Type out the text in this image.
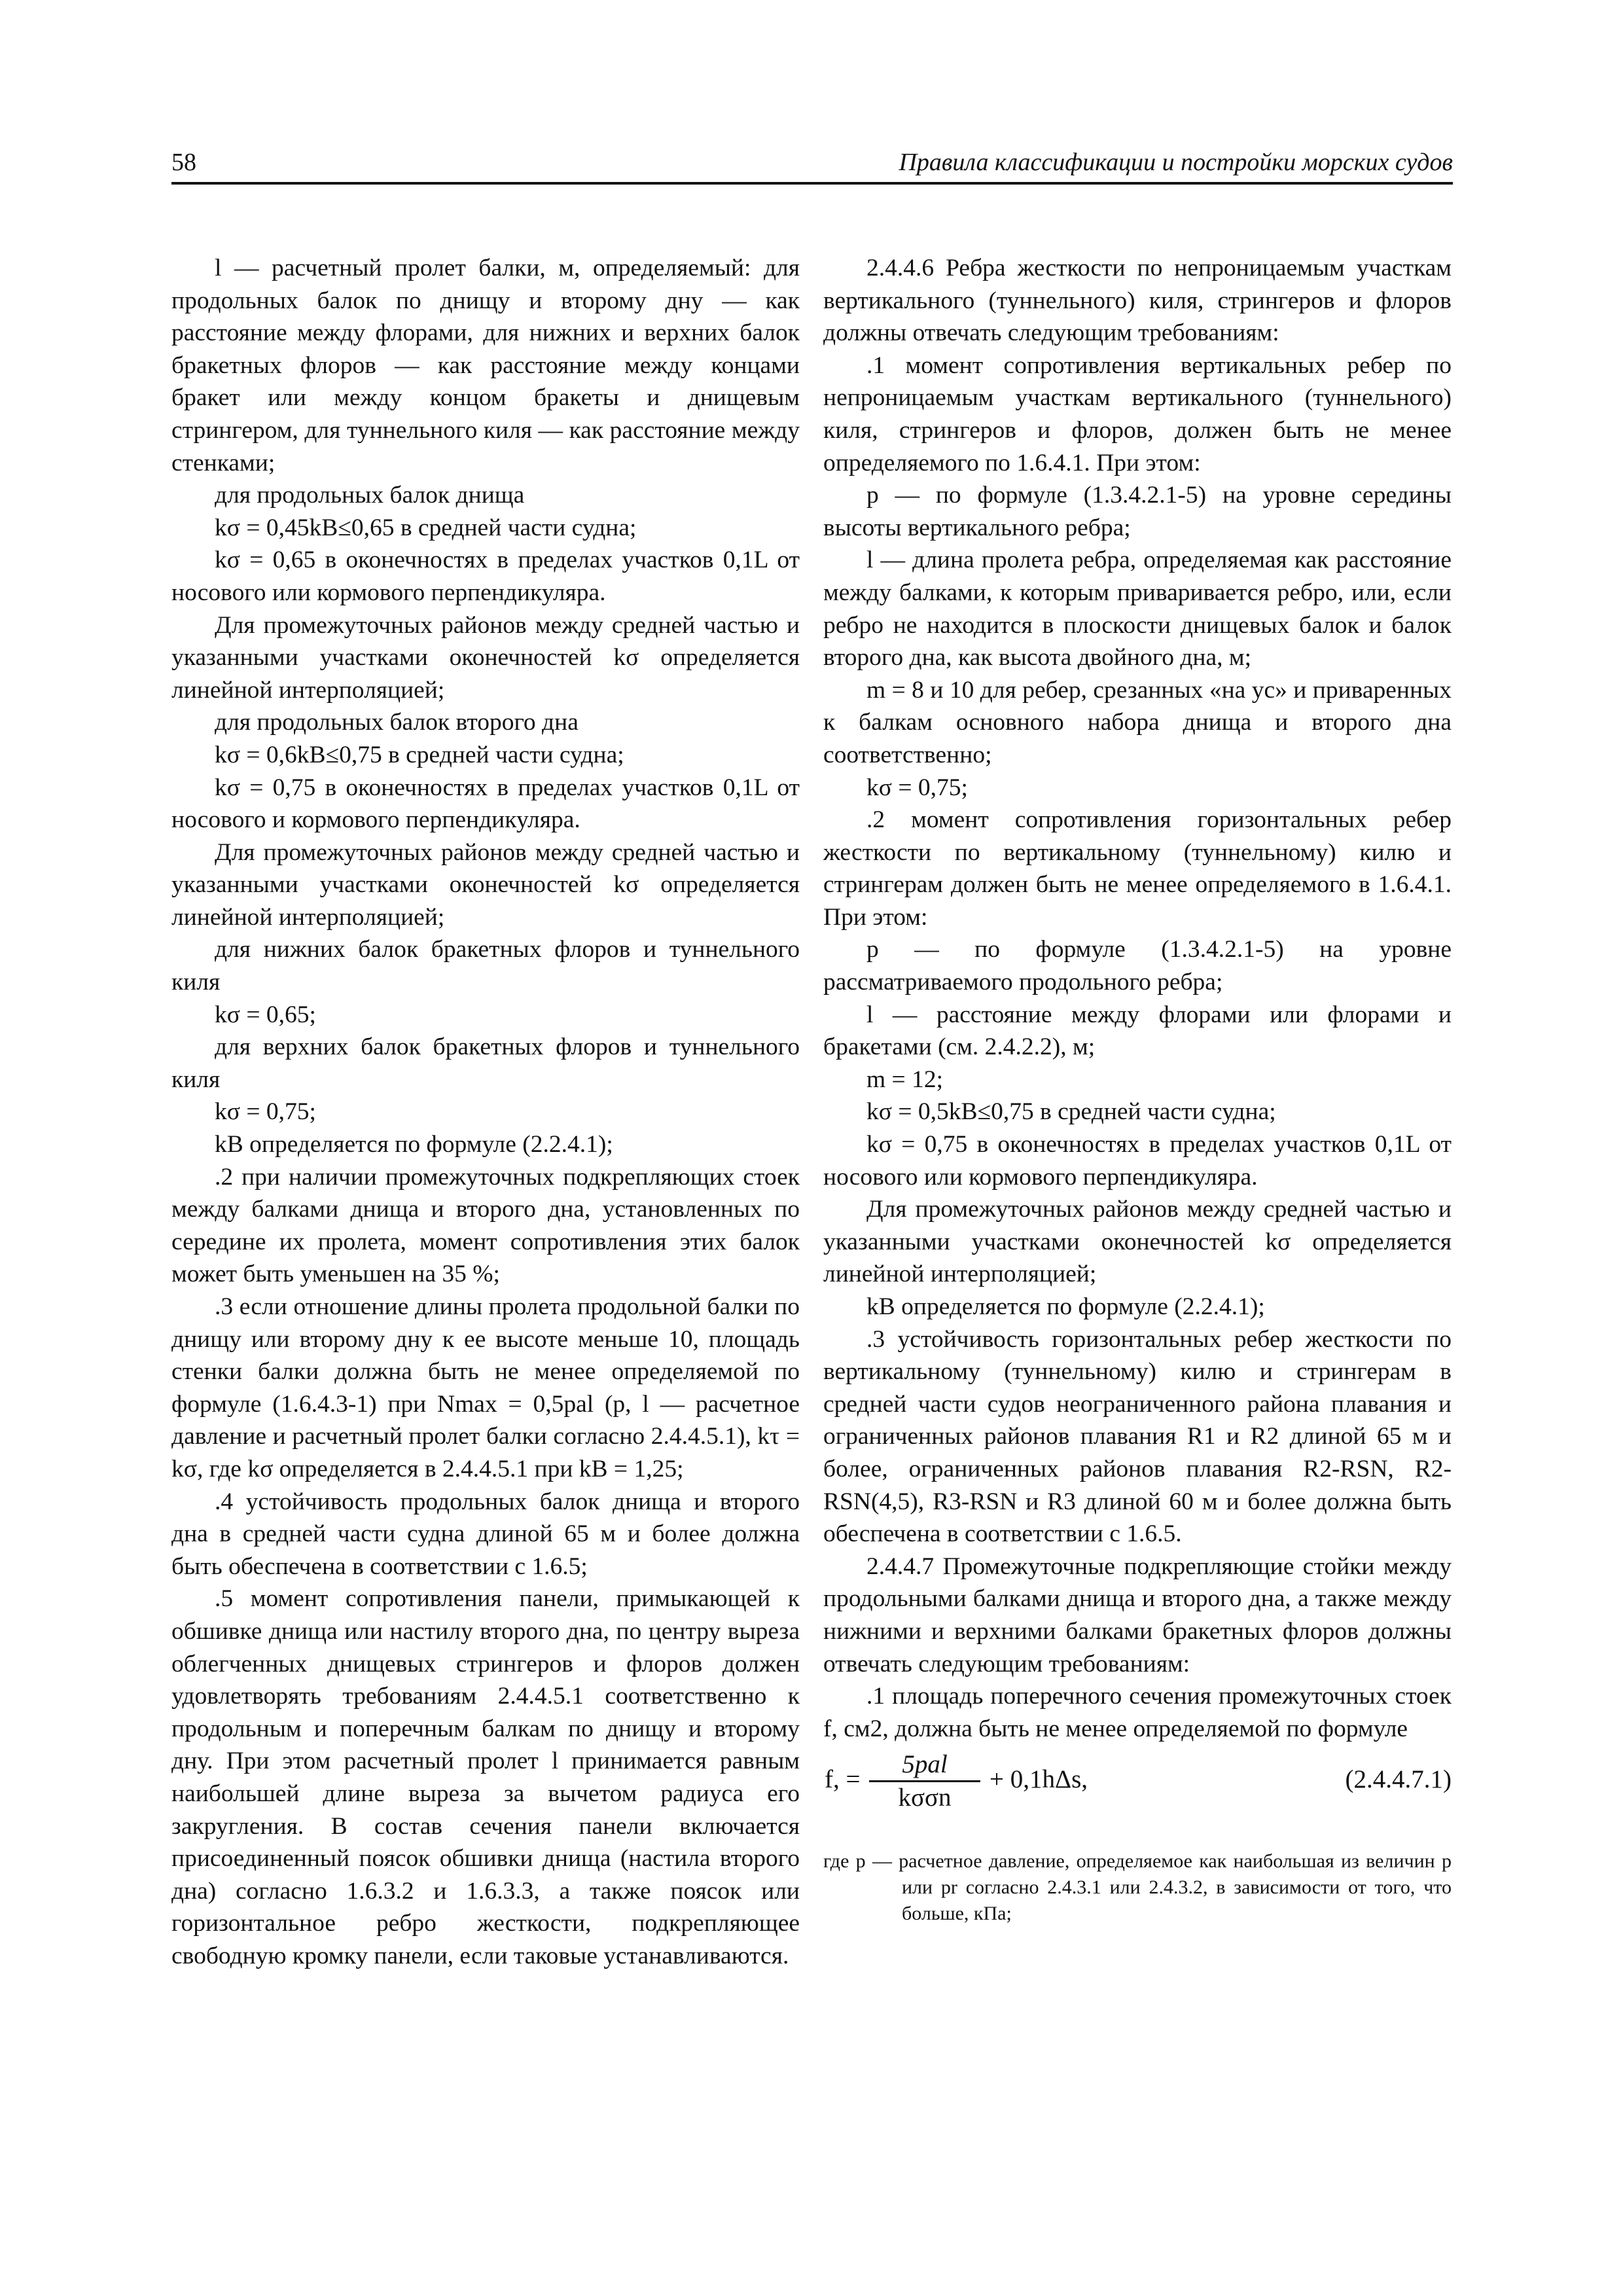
58	Правила классификации и постройки морских судов

l — расчетный пролет балки, м, определяемый: для продольных балок по днищу и второму дну — как расстояние между флорами, для нижних и верхних балок бракетных флоров — как расстояние между концами бракет или между концом бракеты и днищевым стрингером, для туннельного киля — как расстояние между стенками;

для продольных балок днища

kσ = 0,45kB≤0,65 в средней части судна;

kσ = 0,65 в оконечностях в пределах участков 0,1L от носового или кормового перпендикуляра.

Для промежуточных районов между средней частью и указанными участками оконечностей kσ определяется линейной интерполяцией;

для продольных балок второго дна

kσ = 0,6kB≤0,75 в средней части судна;

kσ = 0,75 в оконечностях в пределах участков 0,1L от носового и кормового перпендикуляра.

Для промежуточных районов между средней частью и указанными участками оконечностей kσ определяется линейной интерполяцией;

для нижних балок бракетных флоров и туннельного киля

kσ = 0,65;

для верхних балок бракетных флоров и туннельного киля

kσ = 0,75;

kB определяется по формуле (2.2.4.1);

.2 при наличии промежуточных подкрепляющих стоек между балками днища и второго дна, установленных по середине их пролета, момент сопротивления этих балок может быть уменьшен на 35 %;

.3 если отношение длины пролета продольной балки по днищу или второму дну к ее высоте меньше 10, площадь стенки балки должна быть не менее определяемой по формуле (1.6.4.3-1) при Nmax = 0,5pal (p, l — расчетное давление и расчетный пролет балки согласно 2.4.4.5.1), kτ = kσ, где kσ определяется в 2.4.4.5.1 при kB = 1,25;

.4 устойчивость продольных балок днища и второго дна в средней части судна длиной 65 м и более должна быть обеспечена в соответствии с 1.6.5;

.5 момент сопротивления панели, примыкающей к обшивке днища или настилу второго дна, по центру выреза облегченных днищевых стрингеров и флоров должен удовлетворять требованиям 2.4.4.5.1 соответственно к продольным и поперечным балкам по днищу и второму дну. При этом расчетный пролет l принимается равным наибольшей длине выреза за вычетом радиуса его закругления. В состав сечения панели включается присоединенный поясок обшивки днища (настила второго дна) согласно 1.6.3.2 и 1.6.3.3, а также поясок или горизонтальное ребро жесткости, подкрепляющее свободную кромку панели, если таковые устанавливаются.

2.4.4.6 Ребра жесткости по непроницаемым участкам вертикального (туннельного) киля, стрингеров и флоров должны отвечать следующим требованиям:

.1 момент сопротивления вертикальных ребер по непроницаемым участкам вертикального (туннельного) киля, стрингеров и флоров, должен быть не менее определяемого по 1.6.4.1. При этом:

p — по формуле (1.3.4.2.1-5) на уровне середины высоты вертикального ребра;

l — длина пролета ребра, определяемая как расстояние между балками, к которым приваривается ребро, или, если ребро не находится в плоскости днищевых балок и балок второго дна, как высота двойного дна, м;

m = 8 и 10 для ребер, срезанных «на ус» и приваренных к балкам основного набора днища и второго дна соответственно;

kσ = 0,75;

.2 момент сопротивления горизонтальных ребер жесткости по вертикальному (туннельному) килю и стрингерам должен быть не менее определяемого в 1.6.4.1. При этом:

p — по формуле (1.3.4.2.1-5) на уровне рассматриваемого продольного ребра;

l — расстояние между флорами или флорами и бракетами (см. 2.4.2.2), м;

m = 12;

kσ = 0,5kB≤0,75 в средней части судна;

kσ = 0,75 в оконечностях в пределах участков 0,1L от носового или кормового перпендикуляра.

Для промежуточных районов между средней частью и указанными участками оконечностей kσ определяется линейной интерполяцией;

kB определяется по формуле (2.2.4.1);

.3 устойчивость горизонтальных ребер жесткости по вертикальному (туннельному) килю и стрингерам в средней части судов неограниченного района плавания и ограниченных районов плавания R1 и R2 длиной 65 м и более, ограниченных районов плавания R2-RSN, R2-RSN(4,5), R3-RSN и R3 длиной 60 м и более должна быть обеспечена в соответствии с 1.6.5.

2.4.4.7 Промежуточные подкрепляющие стойки между продольными балками днища и второго дна, а также между нижними и верхними балками бракетных флоров должны отвечать следующим требованиям:

.1 площадь поперечного сечения промежуточных стоек f, см2, должна быть не менее определяемой по формуле

f, =
5pal
kσσn
+ 0,1hΔs,	(2.4.4.7.1)
где p — расчетное давление, определяемое как наибольшая из величин p или pr согласно 2.4.3.1 или 2.4.3.2, в зависимости от того, что больше, кПа;
